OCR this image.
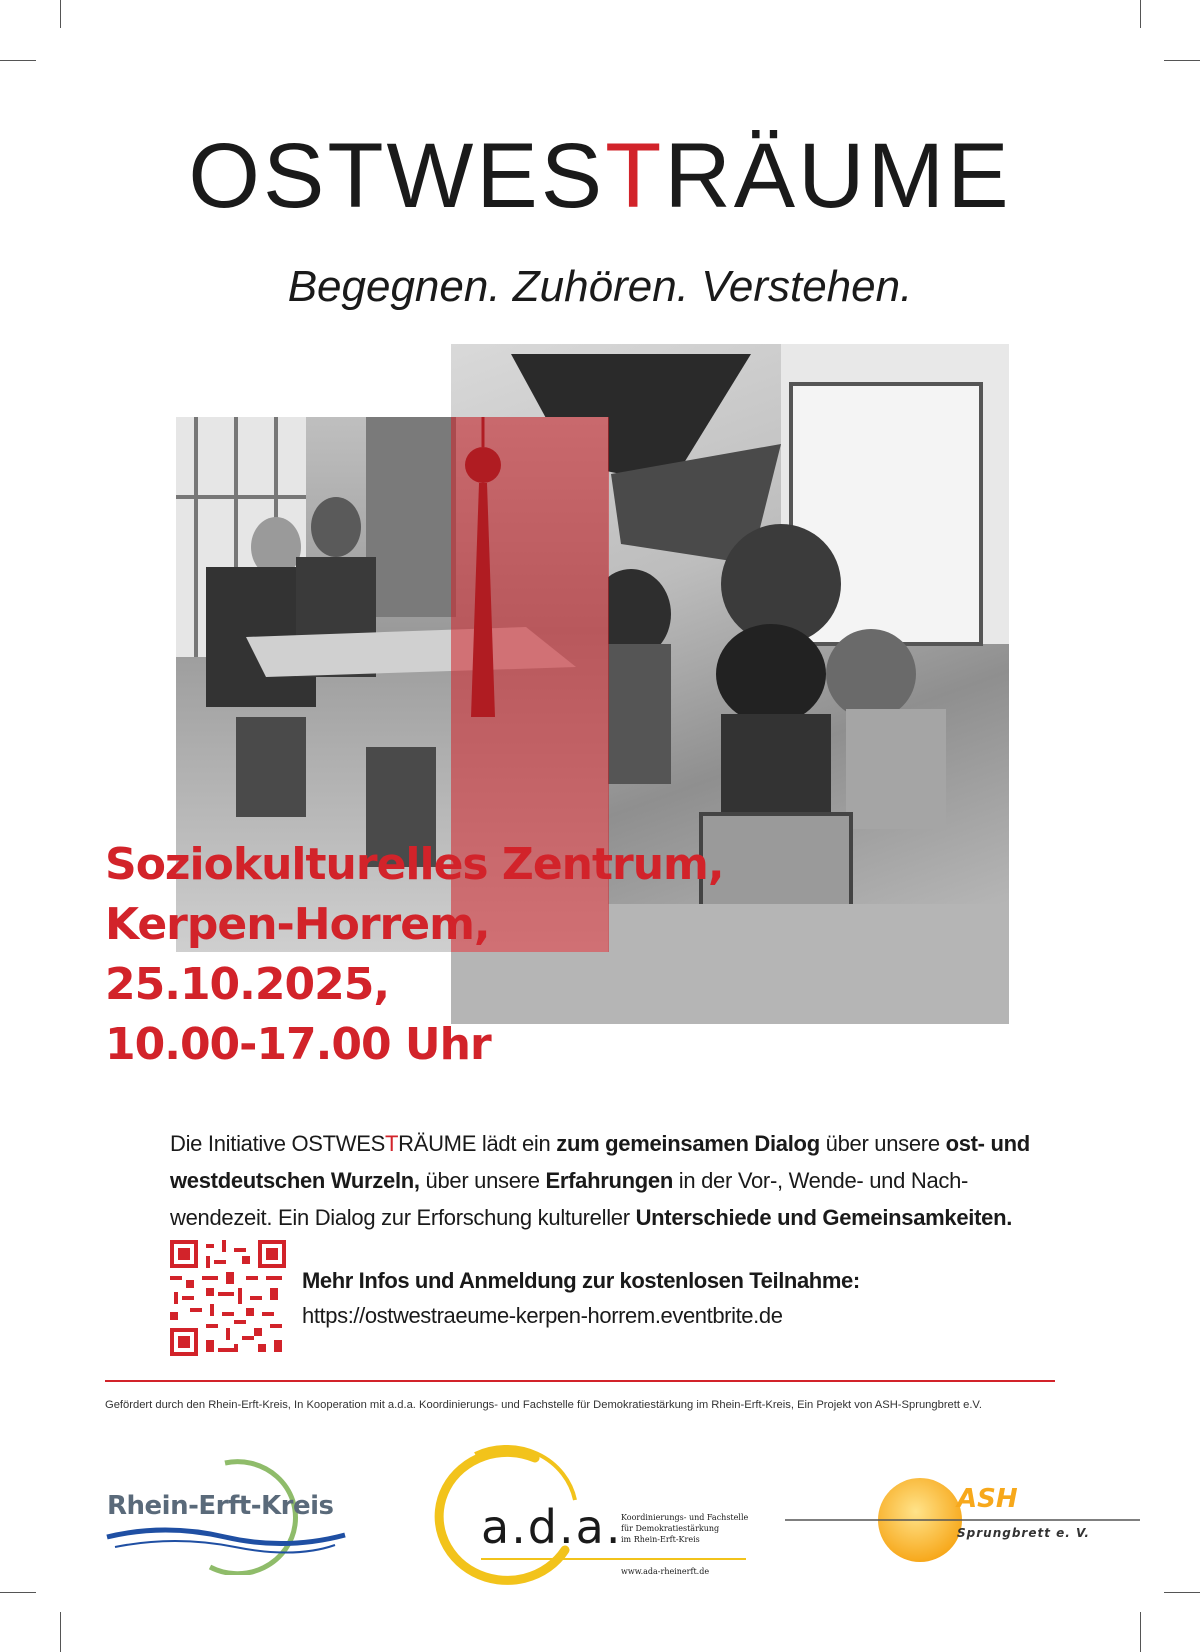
OSTWESTRÄUME
Begegnen. Zuhören. Verstehen.
Soziokulturelles Zentrum,
Kerpen-Horrem,
25.10.2025,
10.00-17.00 Uhr
Die Initiative OSTWESTRÄUME lädt ein zum gemeinsamen Dialog über unsere ost- und westdeutschen Wurzeln, über unsere Erfahrungen in der Vor-, Wende- und Nach-wendezeit. Ein Dialog zur Erforschung kultureller Unterschiede und Gemeinsamkeiten.
Mehr Infos und Anmeldung zur kostenlosen Teilnahme:
https://ostwestraeume-kerpen-horrem.eventbrite.de
Gefördert durch den Rhein-Erft-Kreis, In Kooperation mit a.d.a. Koordinierungs- und Fachstelle für Demokratiestärkung im Rhein-Erft-Kreis, Ein Projekt von ASH-Sprungbrett e.V.
Rhein-Erft-Kreis	a.d.a.
Koordinierungs- und Fachstelle
für Demokratiestärkung
im Rhein-Erft-Kreis
www.ada-rheinerft.de
ASH
Sprungbrett e. V.
